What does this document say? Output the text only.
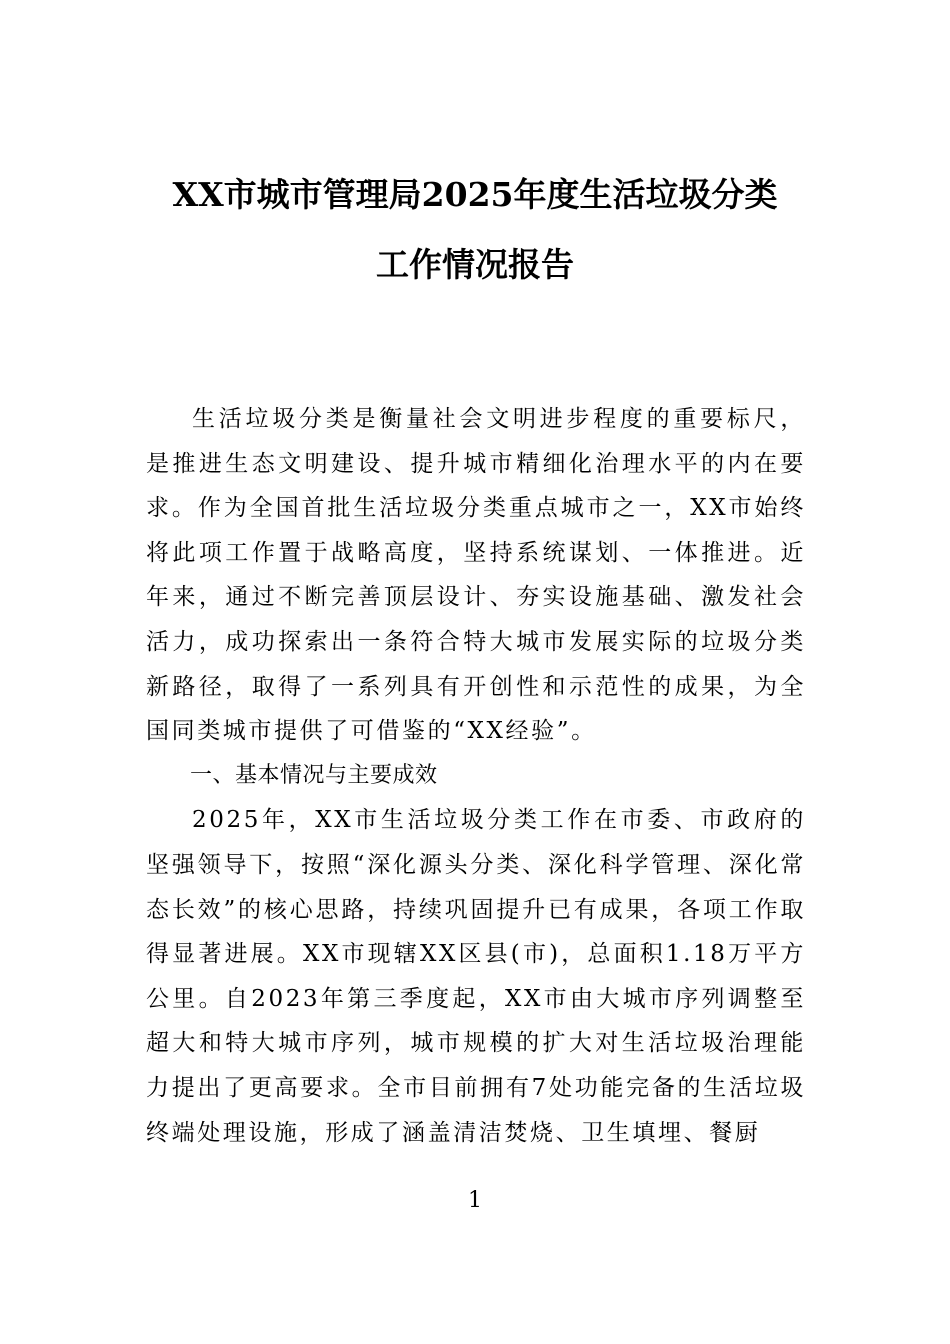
XX市城市管理局2025年度生活垃圾分类
工作情况报告

生活垃圾分类是衡量社会文明进步程度的重要标尺，是推进生态文明建设、提升城市精细化治理水平的内在要求。作为全国首批生活垃圾分类重点城市之一，XX市始终将此项工作置于战略高度，坚持系统谋划、一体推进。近年来，通过不断完善顶层设计、夯实设施基础、激发社会活力，成功探索出一条符合特大城市发展实际的垃圾分类新路径，取得了一系列具有开创性和示范性的成果，为全国同类城市提供了可借鉴的“XX经验”。

一、基本情况与主要成效

2025年，XX市生活垃圾分类工作在市委、市政府的坚强领导下，按照“深化源头分类、深化科学管理、深化常态长效”的核心思路，持续巩固提升已有成果，各项工作取得显著进展。XX市现辖XX区县(市)，总面积1.18万平方公里。自2023年第三季度起，XX市由大城市序列调整至超大和特大城市序列，城市规模的扩大对生活垃圾治理能力提出了更高要求。全市目前拥有7处功能完备的生活垃圾终端处理设施，形成了涵盖清洁焚烧、卫生填埋、餐厨

1
